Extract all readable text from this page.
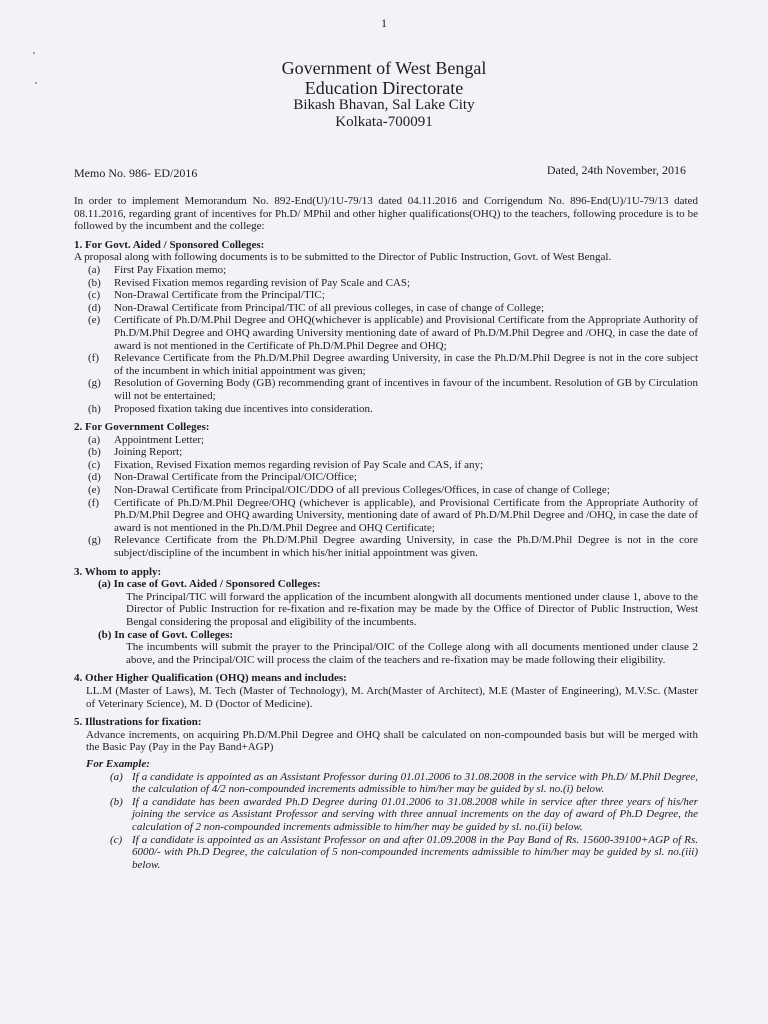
1
Government of West Bengal
Education Directorate
Bikash Bhavan, Sal Lake City
Kolkata-700091
Memo No. 986- ED/2016	Dated, 24th November, 2016

In order to implement Memorandum No. 892-End(U)/1U-79/13 dated 04.11.2016 and Corrigendum No. 896-End(U)/1U-79/13 dated 08.11.2016, regarding grant of incentives for Ph.D/ MPhil and other higher qualifications(OHQ) to the teachers, following procedure is to be followed by the incumbent and the college:

1. For Govt. Aided / Sponsored Colleges:

A proposal along with following documents is to be submitted to the Director of Public Instruction, Govt. of West Bengal.

(a) First Pay Fixation memo;
(b) Revised Fixation memos regarding revision of Pay Scale and CAS;
(c) Non-Drawal Certificate from the Principal/TIC;
(d) Non-Drawal Certificate from Principal/TIC of all previous colleges, in case of change of College;
(e) Certificate of Ph.D/M.Phil Degree and OHQ(whichever is applicable) and Provisional Certificate from the Appropriate Authority of Ph.D/M.Phil Degree and OHQ awarding University mentioning date of award of Ph.D/M.Phil Degree and /OHQ, in case the date of award is not mentioned in the Certificate of Ph.D/M.Phil Degree and OHQ;
(f) Relevance Certificate from the Ph.D/M.Phil Degree awarding University, in case the Ph.D/M.Phil Degree is not in the core subject of the incumbent in which initial appointment was given;
(g) Resolution of Governing Body (GB) recommending grant of incentives in favour of the incumbent. Resolution of GB by Circulation will not be entertained;
(h) Proposed fixation taking due incentives into consideration.

2. For Government Colleges:

(a) Appointment Letter;
(b) Joining Report;
(c) Fixation, Revised Fixation memos regarding revision of Pay Scale and CAS, if any;
(d) Non-Drawal Certificate from the Principal/OIC/Office;
(e) Non-Drawal Certificate from Principal/OIC/DDO of all previous Colleges/Offices, in case of change of College;
(f) Certificate of Ph.D/M.Phil Degree/OHQ (whichever is applicable), and Provisional Certificate from the Appropriate Authority of Ph.D/M.Phil Degree and OHQ awarding University, mentioning date of award of Ph.D/M.Phil Degree and /OHQ, in case the date of award is not mentioned in the Ph.D/M.Phil Degree and OHQ Certificate;
(g) Relevance Certificate from the Ph.D/M.Phil Degree awarding University, in case the Ph.D/M.Phil Degree is not in the core subject/discipline of the incumbent in which his/her initial appointment was given.

3. Whom to apply:

(a) In case of Govt. Aided / Sponsored Colleges:

The Principal/TIC will forward the application of the incumbent alongwith all documents mentioned under clause 1, above to the Director of Public Instruction for re-fixation and re-fixation may be made by the Office of Director of Public Instruction, West Bengal considering the proposal and eligibility of the incumbents.

(b) In case of Govt. Colleges:

The incumbents will submit the prayer to the Principal/OIC of the College along with all documents mentioned under clause 2 above, and the Principal/OIC will process the claim of the teachers and re-fixation may be made following their eligibility.

4. Other Higher Qualification (OHQ) means and includes:

LL.M (Master of Laws), M. Tech (Master of Technology), M. Arch(Master of Architect), M.E (Master of Engineering), M.V.Sc. (Master of Veterinary Science), M. D (Doctor of Medicine).

5. Illustrations for fixation:

Advance increments, on acquiring Ph.D/M.Phil Degree and OHQ shall be calculated on non-compounded basis but will be merged with the Basic Pay (Pay in the Pay Band+AGP)

For Example:

(a) If a candidate is appointed as an Assistant Professor during 01.01.2006 to 31.08.2008 in the service with Ph.D/ M.Phil Degree, the calculation of 4/2 non-compounded increments admissible to him/her may be guided by sl. no.(i) below.
(b) If a candidate has been awarded Ph.D Degree during 01.01.2006 to 31.08.2008 while in service after three years of his/her joining the service as Assistant Professor and serving with three annual increments on the day of award of Ph.D Degree, the calculation of 2 non-compounded increments admissible to him/her may be guided by sl. no.(ii) below.
(c) If a candidate is appointed as an Assistant Professor on and after 01.09.2008 in the Pay Band of Rs. 15600-39100+AGP of Rs. 6000/- with Ph.D Degree, the calculation of 5 non-compounded increments admissible to him/her may be guided by sl. no.(iii) below.
